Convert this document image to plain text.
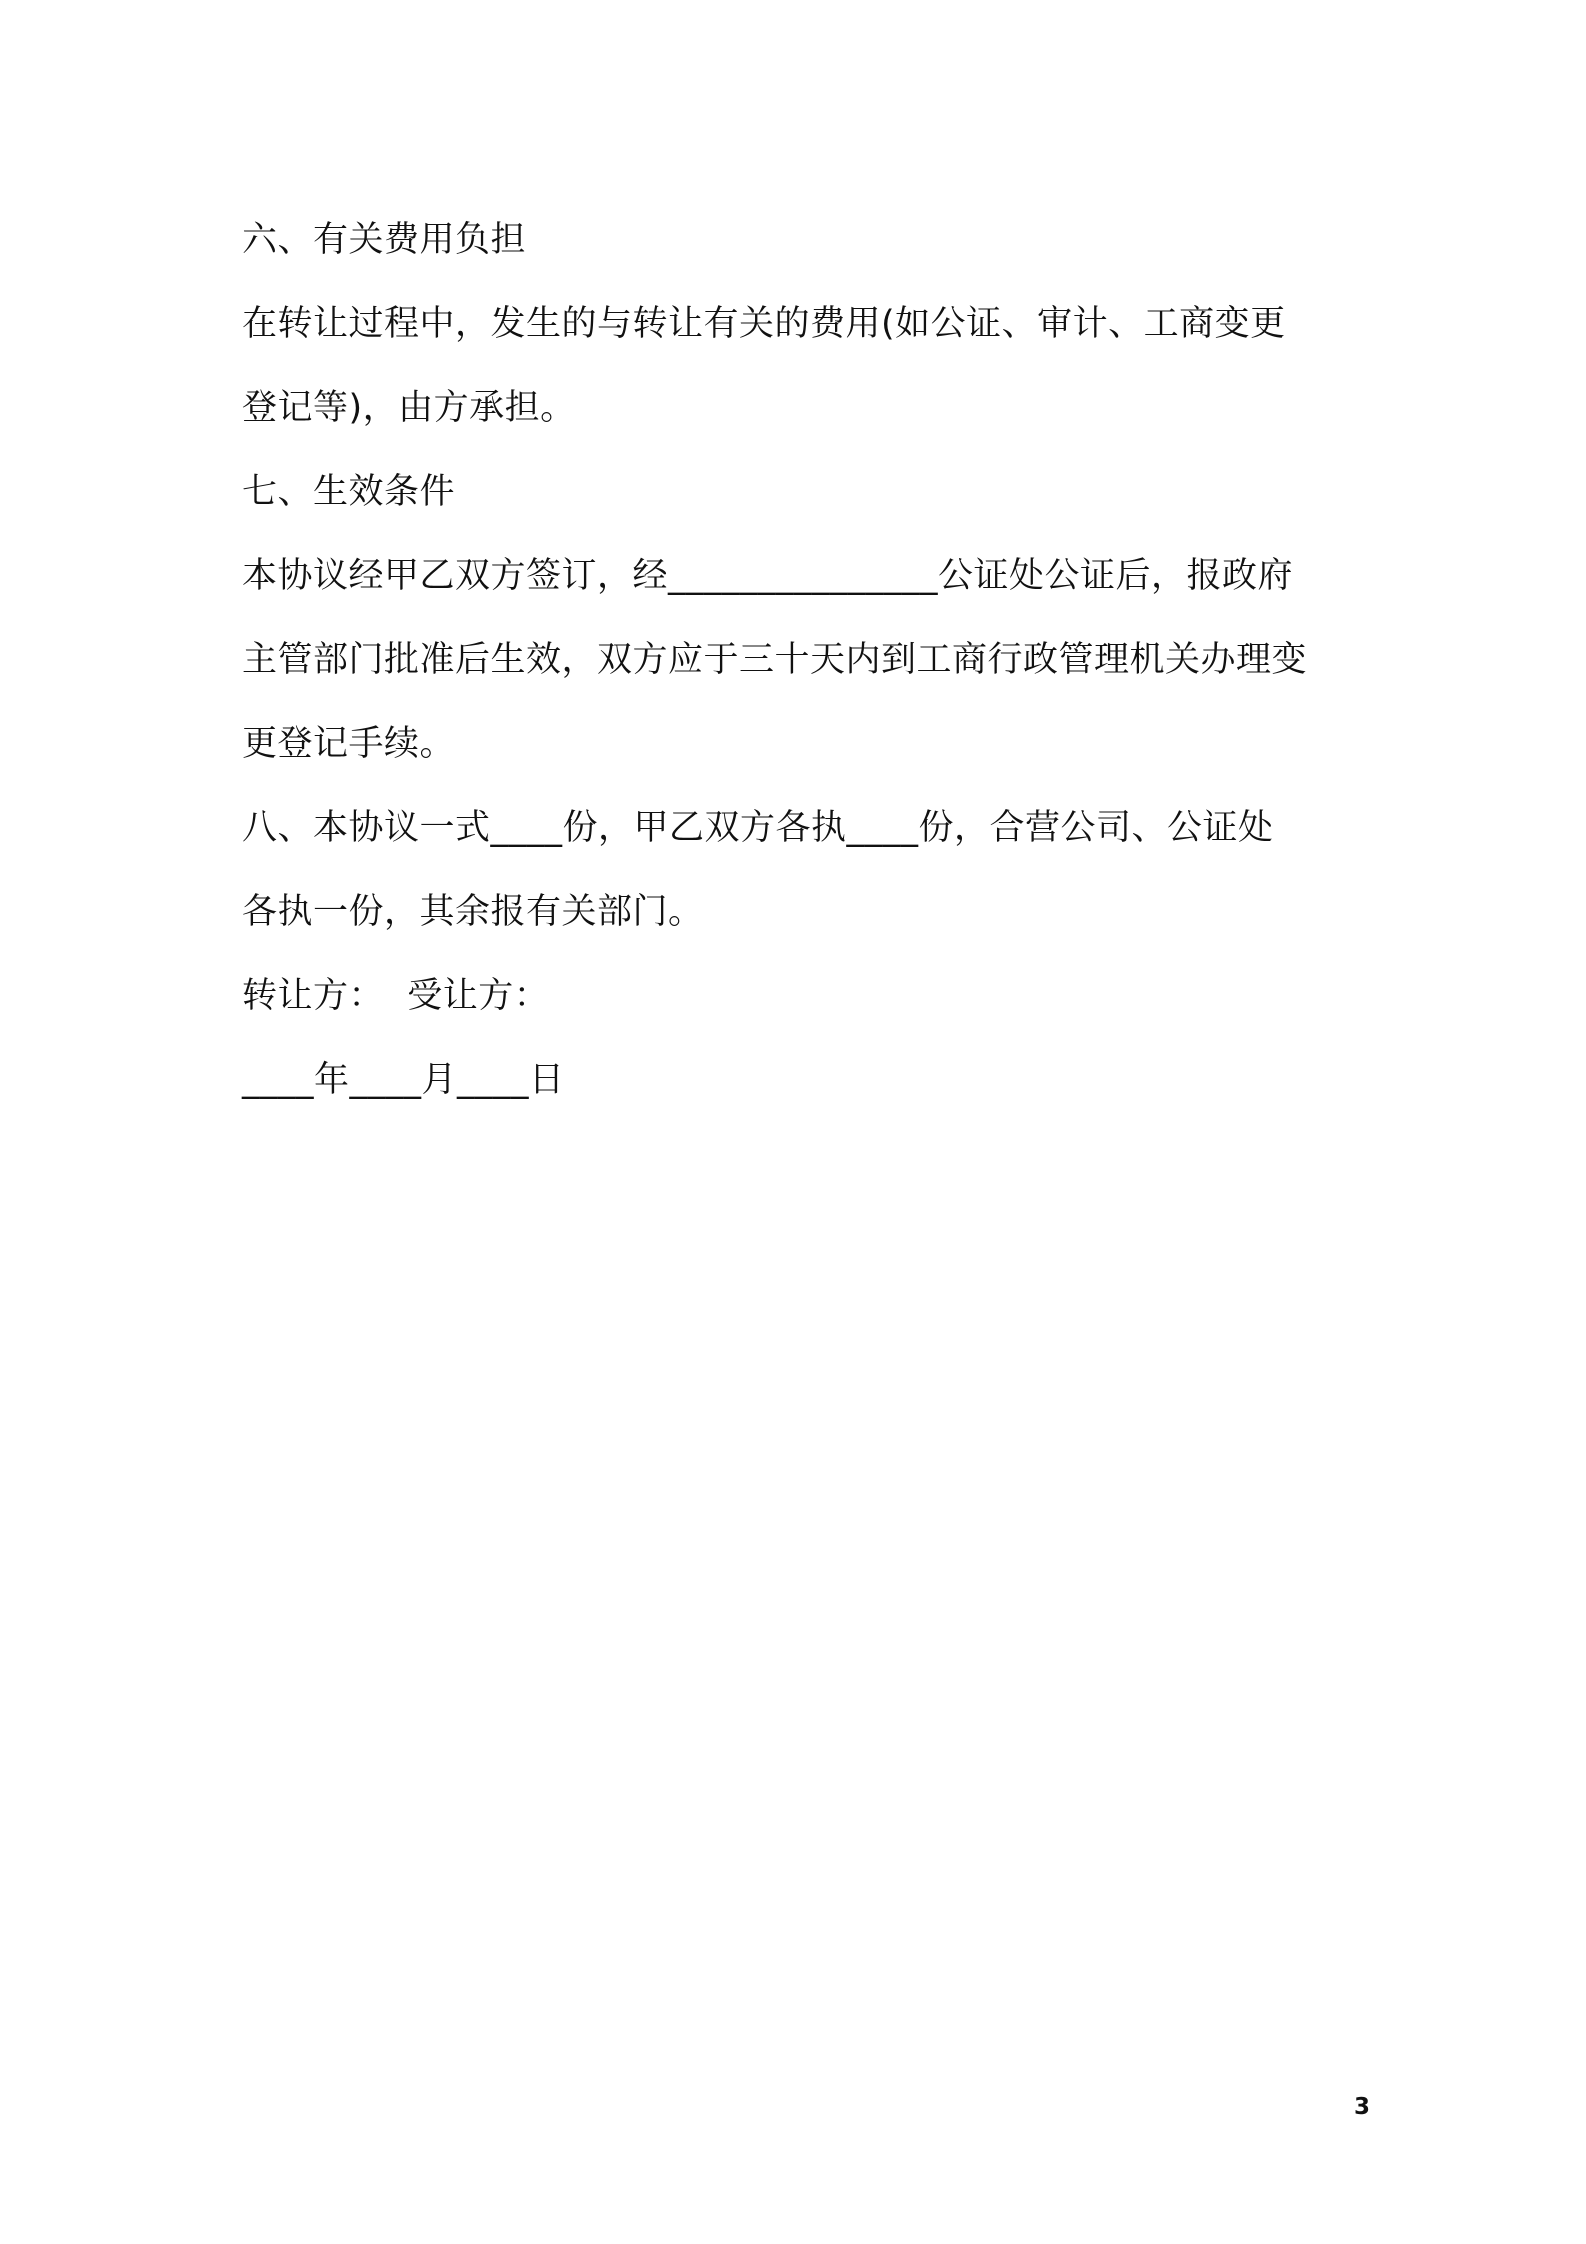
六、有关费用负担
在转让过程中，发生的与转让有关的费用(如公证、审计、工商变更
登记等)，由方承担。
七、生效条件
本协议经甲乙双方签订，经_______________公证处公证后，报政府
主管部门批准后生效，双方应于三十天内到工商行政管理机关办理变
更登记手续。
八、本协议一式____份，甲乙双方各执____份，合营公司、公证处
各执一份，其余报有关部门。
转让方：  受让方：
____年____月____日
3
